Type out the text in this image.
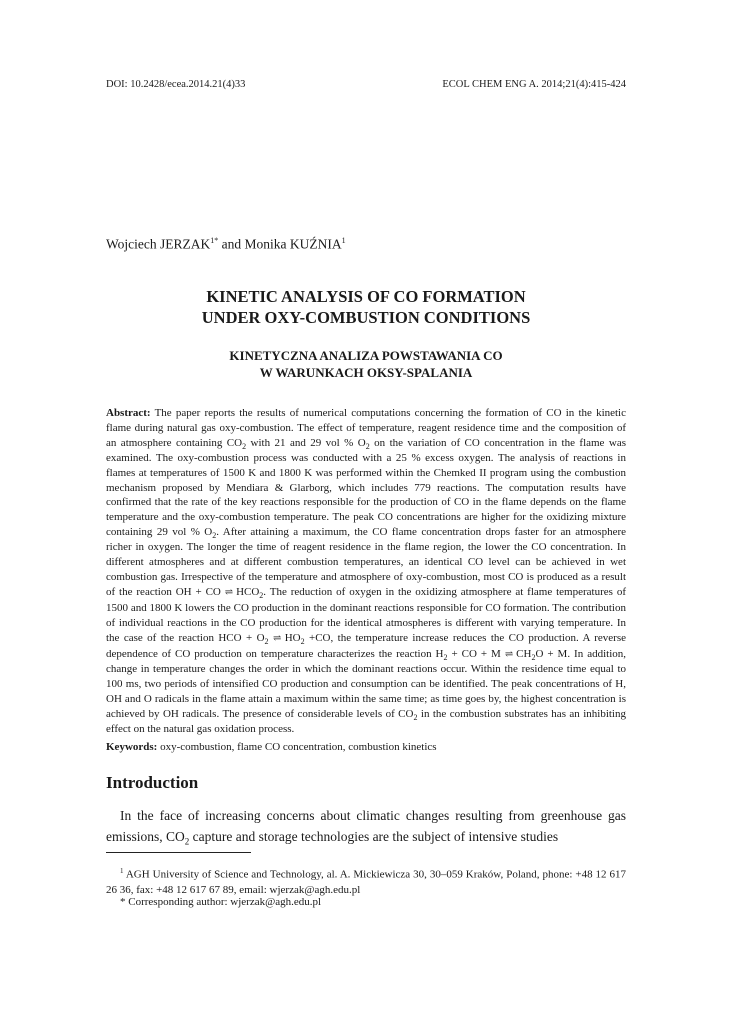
DOI: 10.2428/ecea.2014.21(4)33	ECOL CHEM ENG A. 2014;21(4):415-424
Wojciech $JERZAK^{1*}$ and Monika KUŹNIA$^1$
KINETIC ANALYSIS OF CO FORMATION
UNDER OXY-COMBUSTION CONDITIONS
KINETYCZNA ANALIZA POWSTAWANIA CO
W WARUNKACH OKSY-SPALANIA
Abstract: The paper reports the results of numerical computations concerning the formation of CO in the kinetic flame during natural gas oxy-combustion. The effect of temperature, reagent residence time and the composition of an atmosphere containing $CO_2$ with 21 and 29 vol % $O_2$ on the variation of CO concentration in the flame was examined. The oxy-combustion process was conducted with a 25 % excess oxygen. The analysis of reactions in flames at temperatures of 1500 K and 1800 K was performed within the Chemked II program using the combustion mechanism proposed by Mendiara & Glarborg, which includes 779 reactions. The computation results have confirmed that the rate of the key reactions responsible for the production of CO in the flame depends on the flame temperature and the oxy-combustion temperature. The peak CO concentrations are higher for the oxidizing mixture containing 29 vol % $O_2$. After attaining a maximum, the CO flame concentration drops faster for an atmosphere richer in oxygen. The longer the time of reagent residence in the flame region, the lower the CO concentration. In different atmospheres and at different combustion temperatures, an identical CO level can be achieved in wet combustion gas. Irrespective of the temperature and atmosphere of oxy-combustion, most CO is produced as a result of the reaction OH + CO ⇌ $HCO_2$. The reduction of oxygen in the oxidizing atmosphere at flame temperatures of 1500 and 1800 K lowers the CO production in the dominant reactions responsible for CO formation. The contribution of individual reactions in the CO production for the identical atmospheres is different with varying temperature. In the case of the reaction HCO + $O_2$ ⇌ $HO_2 +CO$, the temperature increase reduces the CO production. A reverse dependence of CO production on temperature characterizes the reaction $H_2$ + CO + M ⇌ $CH_2O + M$. In addition, change in temperature changes the order in which the dominant reactions occur. Within the residence time equal to 100 ms, two periods of intensified CO production and consumption can be identified. The peak concentrations of H, OH and O radicals in the flame attain a maximum within the same time; as time goes by, the highest concentration is achieved by OH radicals. The presence of considerable levels of $CO_2$ in the combustion substrates has an inhibiting effect on the natural gas oxidation process.
Keywords: oxy-combustion, flame CO concentration, combustion kinetics
Introduction
In the face of increasing concerns about climatic changes resulting from greenhouse gas emissions, $CO_2$ capture and storage technologies are the subject of intensive studies
$^1$ AGH University of Science and Technology, al. A. Mickiewicza 30, 30–059 Kraków, Poland, phone: +48 12 617 26 36, fax: +48 12 617 67 89, email: wjerzak@agh.edu.pl
* Corresponding author: wjerzak@agh.edu.pl
